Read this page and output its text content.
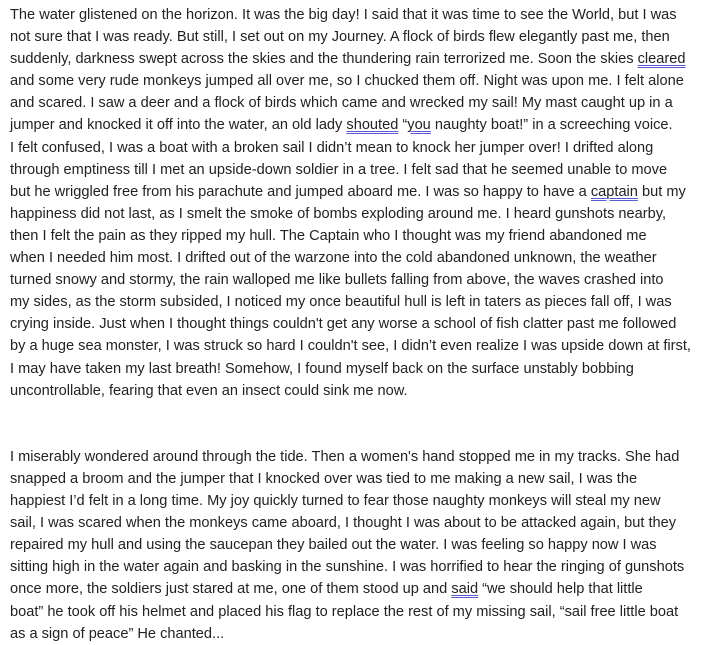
The water glistened on the horizon. It was the big day! I said that it was time to see the World, but I was
not sure that I was ready. But still, I set out on my Journey. A flock of birds flew elegantly past me, then
suddenly, darkness swept across the skies and the thundering rain terrorized me. Soon the skies cleared
and some very rude monkeys jumped all over me, so I chucked them off. Night was upon me. I felt alone
and scared. I saw a deer and a flock of birds which came and wrecked my sail! My mast caught up in a
jumper and knocked it off into the water, an old lady shouted “you naughty boat!” in a screeching voice.
I felt confused, I was a boat with a broken sail I didn’t mean to knock her jumper over! I drifted along
through emptiness till I met an upside-down soldier in a tree. I felt sad that he seemed unable to move
but he wriggled free from his parachute and jumped aboard me. I was so happy to have a captain but my
happiness did not last, as I smelt the smoke of bombs exploding around me. I heard gunshots nearby,
then I felt the pain as they ripped my hull. The Captain who I thought was my friend abandoned me
when I needed him most. I drifted out of the warzone into the cold abandoned unknown, the weather
turned snowy and stormy, the rain walloped me like bullets falling from above, the waves crashed into
my sides, as the storm subsided, I noticed my once beautiful hull is left in taters as pieces fall off, I was
crying inside. Just when I thought things couldn't get any worse a school of fish clatter past me followed
by a huge sea monster, I was struck so hard I couldn't see, I didn’t even realize I was upside down at first,
I may have taken my last breath! Somehow, I found myself back on the surface unstably bobbing
uncontrollable, fearing that even an insect could sink me now.
I miserably wondered around through the tide. Then a women's hand stopped me in my tracks. She had
snapped a broom and the jumper that I knocked over was tied to me making a new sail, I was the
happiest I’d felt in a long time. My joy quickly turned to fear those naughty monkeys will steal my new
sail, I was scared when the monkeys came aboard, I thought I was about to be attacked again, but they
repaired my hull and using the saucepan they bailed out the water. I was feeling so happy now I was
sitting high in the water again and basking in the sunshine. I was horrified to hear the ringing of gunshots
once more, the soldiers just stared at me, one of them stood up and said “we should help that little
boat” he took off his helmet and placed his flag to replace the rest of my missing sail, “sail free little boat
as a sign of peace” He chanted...
